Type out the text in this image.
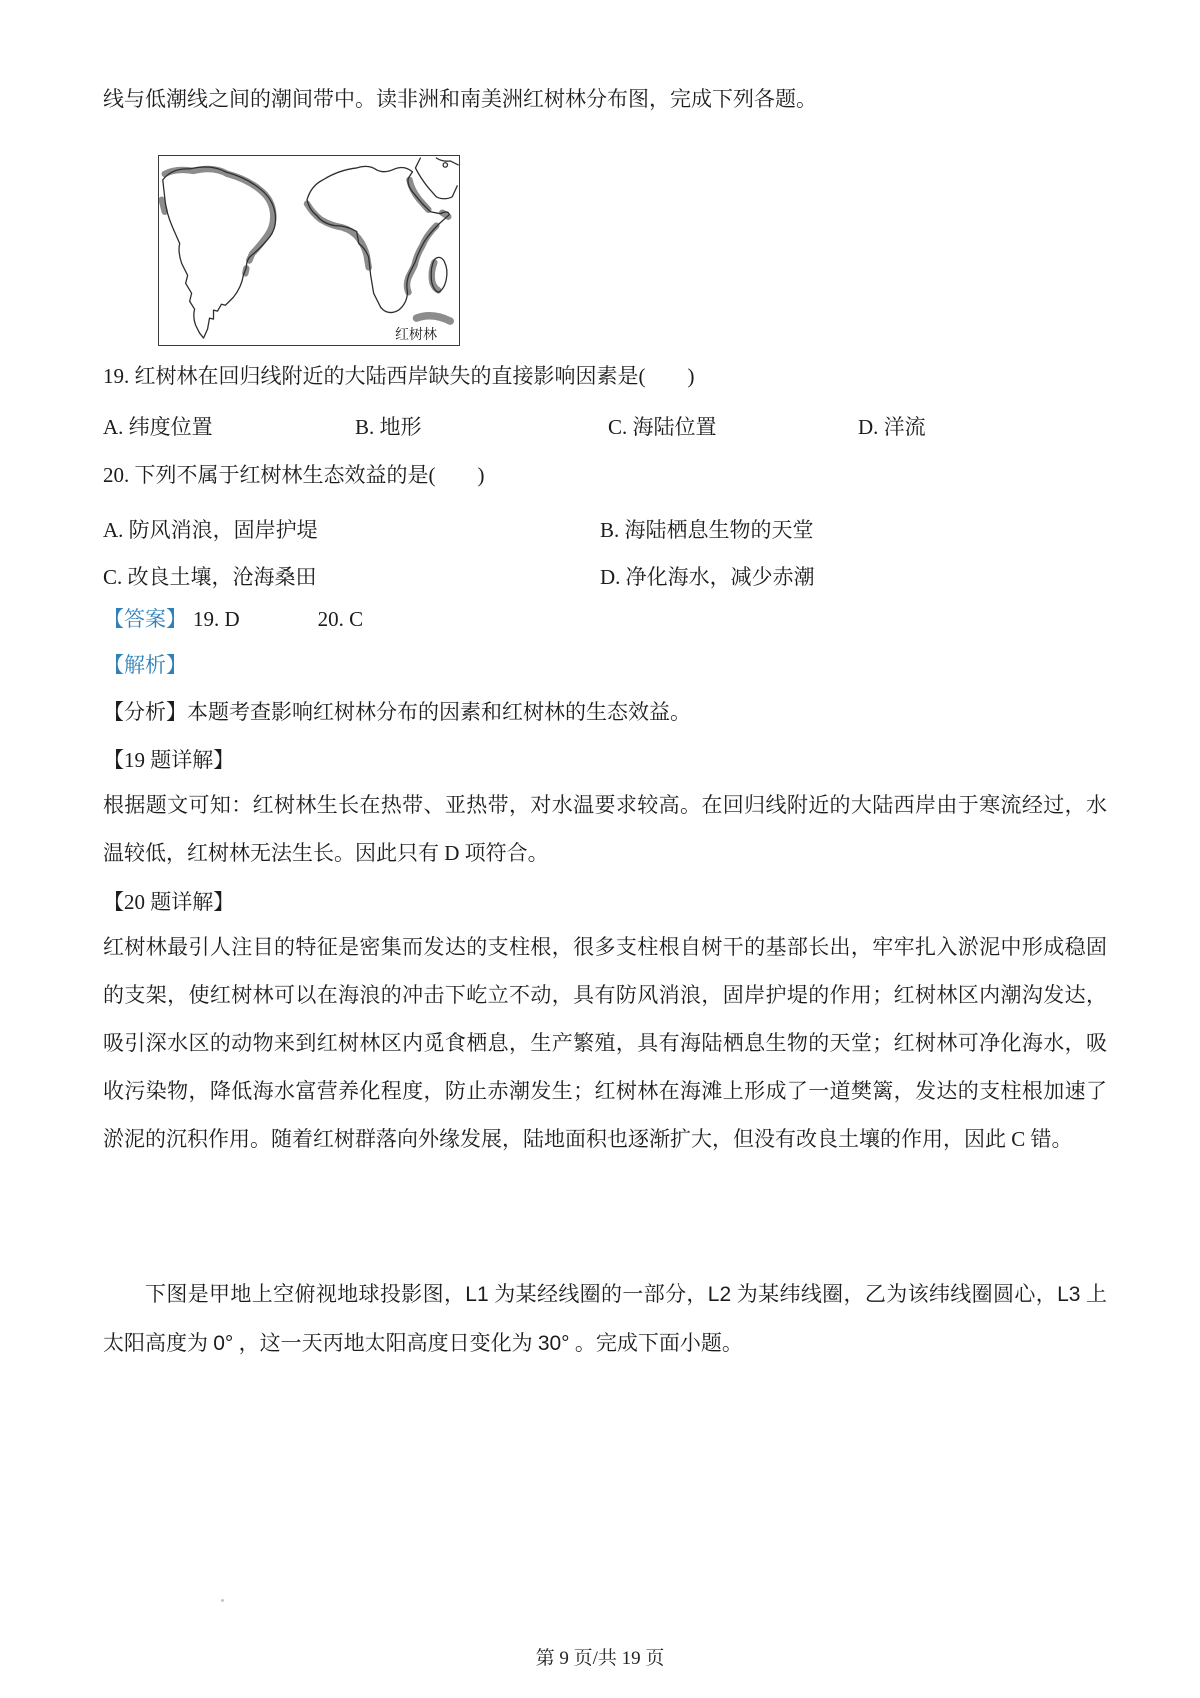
线与低潮线之间的潮间带中。读非洲和南美洲红树林分布图，完成下列各题。
红树林
19. 红树林在回归线附近的大陆西岸缺失的直接影响因素是(　　)
A. 纬度位置	B. 地形	C. 海陆位置	D. 洋流
20. 下列不属于红树林生态效益的是(　　)
A. 防风消浪，固岸护堤	B. 海陆栖息生物的天堂
C. 改良土壤，沧海桑田	D. 净化海水，减少赤潮
【答案】 19. D	20. C
【解析】
【分析】本题考查影响红树林分布的因素和红树林的生态效益。
【19 题详解】
根据题文可知：红树林生长在热带、亚热带，对水温要求较高。在回归线附近的大陆西岸由于寒流经过，水温较低，红树林无法生长。因此只有 D 项符合。
【20 题详解】
红树林最引人注目的特征是密集而发达的支柱根，很多支柱根自树干的基部长出，牢牢扎入淤泥中形成稳固的支架，使红树林可以在海浪的冲击下屹立不动，具有防风消浪，固岸护堤的作用；红树林区内潮沟发达，吸引深水区的动物来到红树林区内觅食栖息，生产繁殖，具有海陆栖息生物的天堂；红树林可净化海水，吸收污染物，降低海水富营养化程度，防止赤潮发生；红树林在海滩上形成了一道樊篱，发达的支柱根加速了淤泥的沉积作用。随着红树群落向外缘发展，陆地面积也逐渐扩大，但没有改良土壤的作用，因此 C 错。
下图是甲地上空俯视地球投影图，L1 为某经线圈的一部分，L2 为某纬线圈，乙为该纬线圈圆心，L3 上太阳高度为 0° ，这一天丙地太阳高度日变化为 30° 。完成下面小题。
第 9 页/共 19 页
